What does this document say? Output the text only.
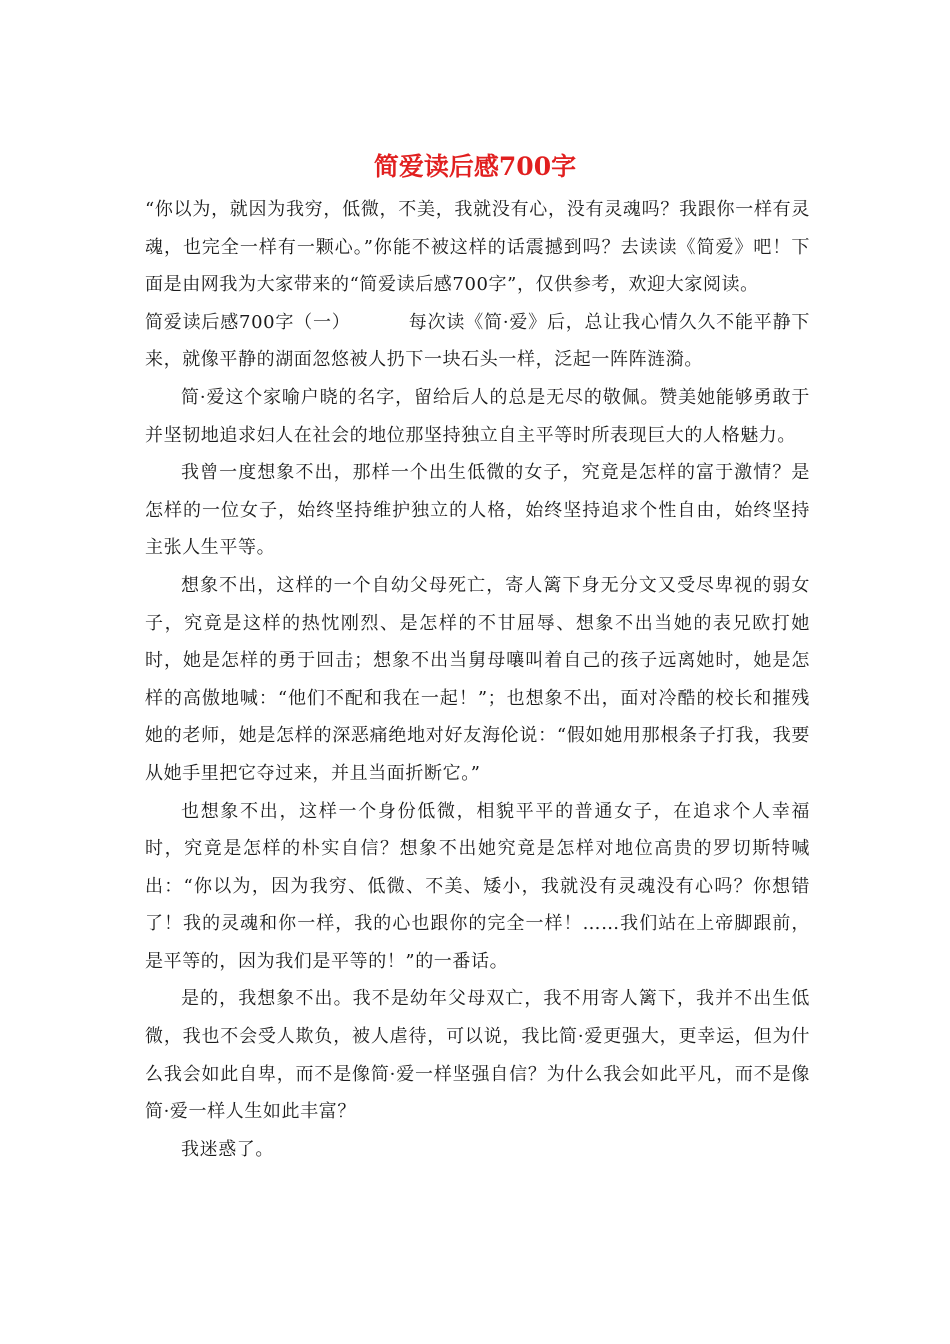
简爱读后感700字

“你以为，就因为我穷，低微，不美，我就没有心，没有灵魂吗？我跟你一样有灵魂，也完全一样有一颗心。”你能不被这样的话震撼到吗？去读读《简爱》吧！下面是由网我为大家带来的“简爱读后感700字”，仅供参考，欢迎大家阅读。

简爱读后感700字（一）	每次读《简·爱》后，总让我心情久久不能平静下来，就像平静的湖面忽悠被人扔下一块石头一样，泛起一阵阵涟漪。

简·爱这个家喻户晓的名字，留给后人的总是无尽的敬佩。赞美她能够勇敢于并坚韧地追求妇人在社会的地位那坚持独立自主平等时所表现巨大的人格魅力。

我曾一度想象不出，那样一个出生低微的女子，究竟是怎样的富于激情？是怎样的一位女子，始终坚持维护独立的人格，始终坚持追求个性自由，始终坚持主张人生平等。

想象不出，这样的一个自幼父母死亡，寄人篱下身无分文又受尽卑视的弱女子，究竟是这样的热忱刚烈、是怎样的不甘屈辱、想象不出当她的表兄欧打她时，她是怎样的勇于回击；想象不出当舅母嚷叫着自己的孩子远离她时，她是怎样的高傲地喊：“他们不配和我在一起！”；也想象不出，面对冷酷的校长和摧残她的老师，她是怎样的深恶痛绝地对好友海伦说：“假如她用那根条子打我，我要从她手里把它夺过来，并且当面折断它。”

也想象不出，这样一个身份低微，相貌平平的普通女子，在追求个人幸福时，究竟是怎样的朴实自信？想象不出她究竟是怎样对地位高贵的罗切斯特喊出：“你以为，因为我穷、低微、不美、矮小，我就没有灵魂没有心吗？你想错了！我的灵魂和你一样，我的心也跟你的完全一样！……我们站在上帝脚跟前，是平等的，因为我们是平等的！”的一番话。

是的，我想象不出。我不是幼年父母双亡，我不用寄人篱下，我并不出生低微，我也不会受人欺负，被人虐待，可以说，我比简·爱更强大，更幸运，但为什么我会如此自卑，而不是像简·爱一样坚强自信？为什么我会如此平凡，而不是像简·爱一样人生如此丰富？

我迷惑了。
